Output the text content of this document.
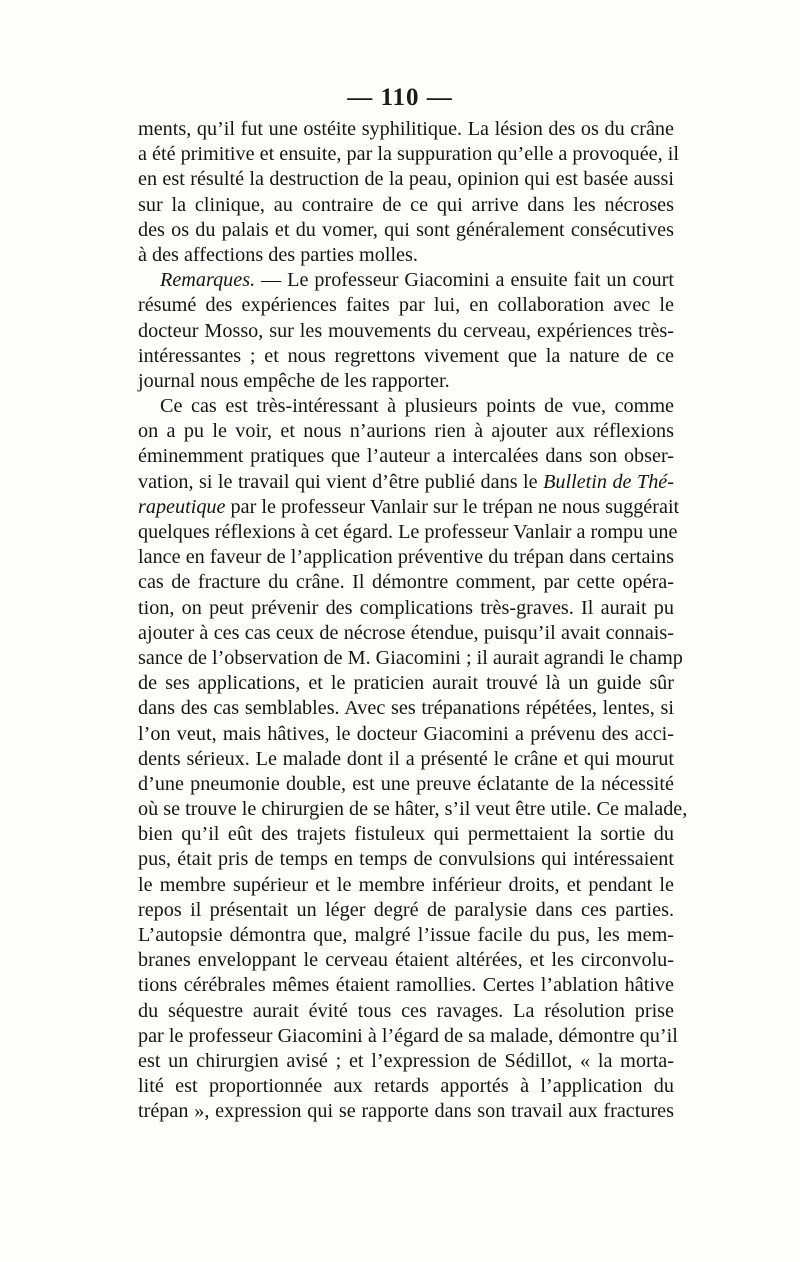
— 110 —
ments, qu’il fut une ostéite syphilitique. La lésion des os du crâne
a été primitive et ensuite, par la suppuration qu’elle a provoquée, il
en est résulté la destruction de la peau, opinion qui est basée aussi
sur la clinique, au contraire de ce qui arrive dans les nécroses
des os du palais et du vomer, qui sont généralement consécutives
à des affections des parties molles.
Remarques. — Le professeur Giacomini a ensuite fait un court
résumé des expériences faites par lui, en collaboration avec le
docteur Mosso, sur les mouvements du cerveau, expériences très-
intéressantes ; et nous regrettons vivement que la nature de ce
journal nous empêche de les rapporter.
Ce cas est très-intéressant à plusieurs points de vue, comme
on a pu le voir, et nous n’aurions rien à ajouter aux réflexions
éminemment pratiques que l’auteur a intercalées dans son obser-
vation, si le travail qui vient d’être publié dans le Bulletin de Thé-
rapeutique par le professeur Vanlair sur le trépan ne nous suggérait
quelques réflexions à cet égard. Le professeur Vanlair a rompu une
lance en faveur de l’application préventive du trépan dans certains
cas de fracture du crâne. Il démontre comment, par cette opéra-
tion, on peut prévenir des complications très-graves. Il aurait pu
ajouter à ces cas ceux de nécrose étendue, puisqu’il avait connais-
sance de l’observation de M. Giacomini ; il aurait agrandi le champ
de ses applications, et le praticien aurait trouvé là un guide sûr
dans des cas semblables. Avec ses trépanations répétées, lentes, si
l’on veut, mais hâtives, le docteur Giacomini a prévenu des acci-
dents sérieux. Le malade dont il a présenté le crâne et qui mourut
d’une pneumonie double, est une preuve éclatante de la nécessité
où se trouve le chirurgien de se hâter, s’il veut être utile. Ce malade,
bien qu’il eût des trajets fistuleux qui permettaient la sortie du
pus, était pris de temps en temps de convulsions qui intéressaient
le membre supérieur et le membre inférieur droits, et pendant le
repos il présentait un léger degré de paralysie dans ces parties.
L’autopsie démontra que, malgré l’issue facile du pus, les mem-
branes enveloppant le cerveau étaient altérées, et les circonvolu-
tions cérébrales mêmes étaient ramollies. Certes l’ablation hâtive
du séquestre aurait évité tous ces ravages. La résolution prise
par le professeur Giacomini à l’égard de sa malade, démontre qu’il
est un chirurgien avisé ; et l’expression de Sédillot, « la morta-
lité est proportionnée aux retards apportés à l’application du
trépan », expression qui se rapporte dans son travail aux fractures
